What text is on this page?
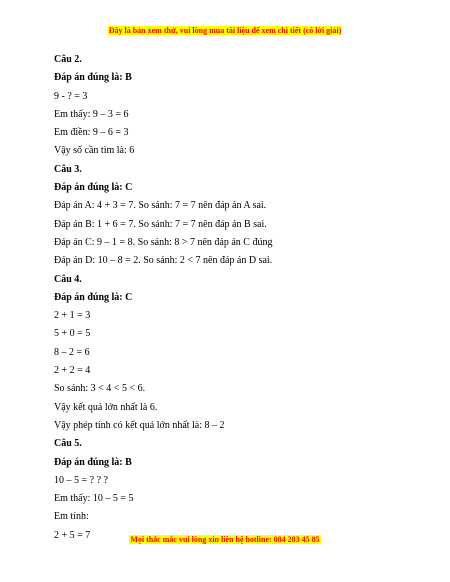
Đây là bản xem thử, vui lòng mua tài liệu để xem chi tiết (có lời giải)
Câu 2.
Đáp án đúng là: B
9 - ? = 3
Em thấy: 9 – 3 = 6
Em điền: 9 – 6 = 3
Vậy số cần tìm là: 6
Câu 3.
Đáp án đúng là: C
Đáp án A: 4 + 3 = 7. So sánh: 7 = 7 nên đáp án A sai.
Đáp án B: 1 + 6 = 7. So sánh: 7 = 7 nên đáp án B sai.
Đáp án C: 9 – 1 = 8. So sánh: 8 > 7 nên đáp án C đúng
Đáp án D: 10 – 8 = 2. So sánh: 2 < 7 nên đáp án D sai.
Câu 4.
Đáp án đúng là: C
2 + 1 = 3
5 + 0 = 5
8 – 2 = 6
2 + 2 = 4
So sánh: 3 < 4 < 5 < 6.
Vậy kết quả lớn nhất là 6.
Vậy phép tính có kết quả lớn nhất là: 8 – 2
Câu 5.
Đáp án đúng là: B
10 – 5 = ? ? ?
Em thấy: 10 – 5 = 5
Em tính:
2 + 5 = 7	Mọi thắc mắc vui lòng xin liên hệ hotline: 084 283 45 85
